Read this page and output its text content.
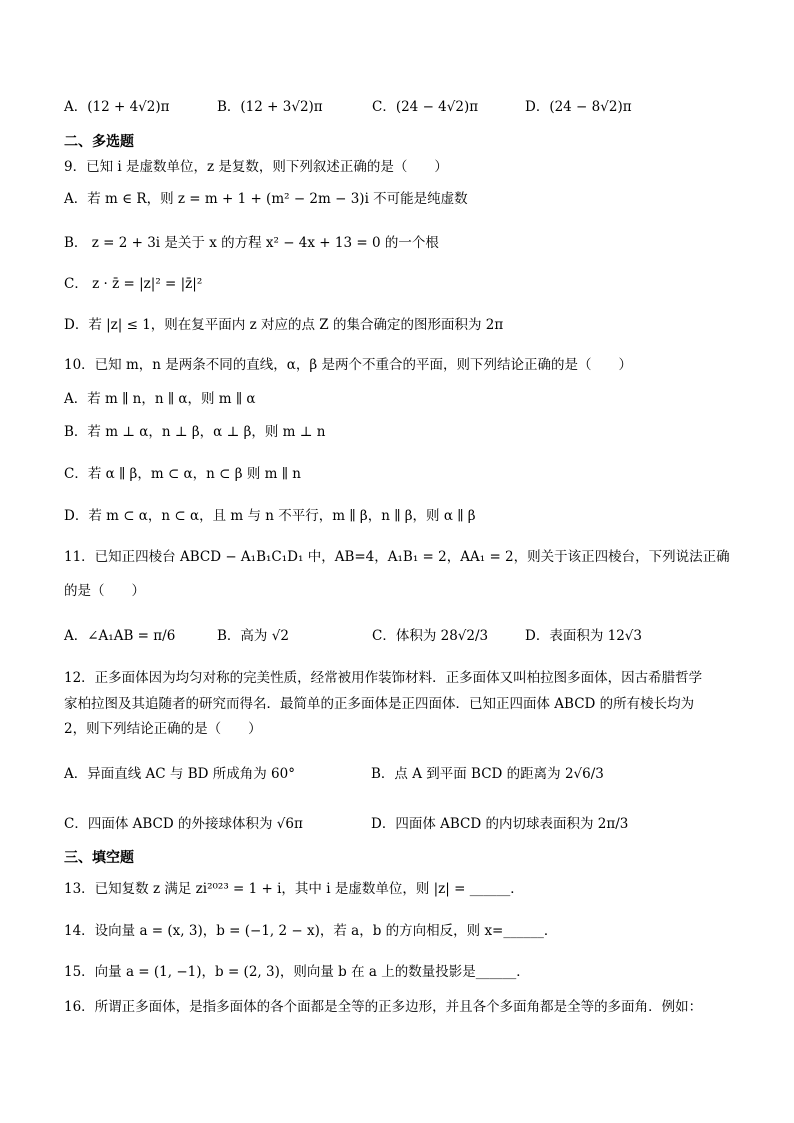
A．(12 + 4√2)π	B．(12 + 3√2)π	C．(24 − 4√2)π	D．(24 − 8√2)π
二、多选题
9．已知 i 是虚数单位，z 是复数，则下列叙述正确的是（　　）
A．若 m ∈ R，则 z = m + 1 + (m² − 2m − 3)i 不可能是纯虚数
B． z = 2 + 3i 是关于 x 的方程 x² − 4x + 13 = 0 的一个根
C． z · z̄ = |z|² = |z̄|²
D．若 |z| ≤ 1，则在复平面内 z 对应的点 Z 的集合确定的图形面积为 2π
10．已知 m，n 是两条不同的直线，α，β 是两个不重合的平面，则下列结论正确的是（　　）
A．若 m ∥ n，n ∥ α，则 m ∥ α
B．若 m ⊥ α，n ⊥ β，α ⊥ β，则 m ⊥ n
C．若 α ∥ β，m ⊂ α，n ⊂ β 则 m ∥ n
D．若 m ⊂ α，n ⊂ α，且 m 与 n 不平行，m ∥ β，n ∥ β，则 α ∥ β
11．已知正四棱台 ABCD − A₁B₁C₁D₁ 中，AB=4，A₁B₁ = 2，AA₁ = 2，则关于该正四棱台，下列说法正确
的是（　　）
A．∠A₁AB = π/6	B．高为 √2	C．体积为 28√2/3	D．表面积为 12√3
12．正多面体因为均匀对称的完美性质，经常被用作装饰材料．正多面体又叫柏拉图多面体，因古希腊哲学
家柏拉图及其追随者的研究而得名．最简单的正多面体是正四面体．已知正四面体 ABCD 的所有棱长均为
2，则下列结论正确的是（　　）
A．异面直线 AC 与 BD 所成角为 60°	B．点 A 到平面 BCD 的距离为 2√6/3
C．四面体 ABCD 的外接球体积为 √6π	D．四面体 ABCD 的内切球表面积为 2π/3
三、填空题
13．已知复数 z 满足 zi²⁰²³ = 1 + i，其中 i 是虚数单位，则 |z| = ______．
14．设向量 a = (x, 3)，b = (−1, 2 − x)，若 a，b 的方向相反，则 x=______．
15．向量 a = (1, −1)，b = (2, 3)，则向量 b 在 a 上的数量投影是______．
16．所谓正多面体，是指多面体的各个面都是全等的正多边形，并且各个多面角都是全等的多面角．例如：
